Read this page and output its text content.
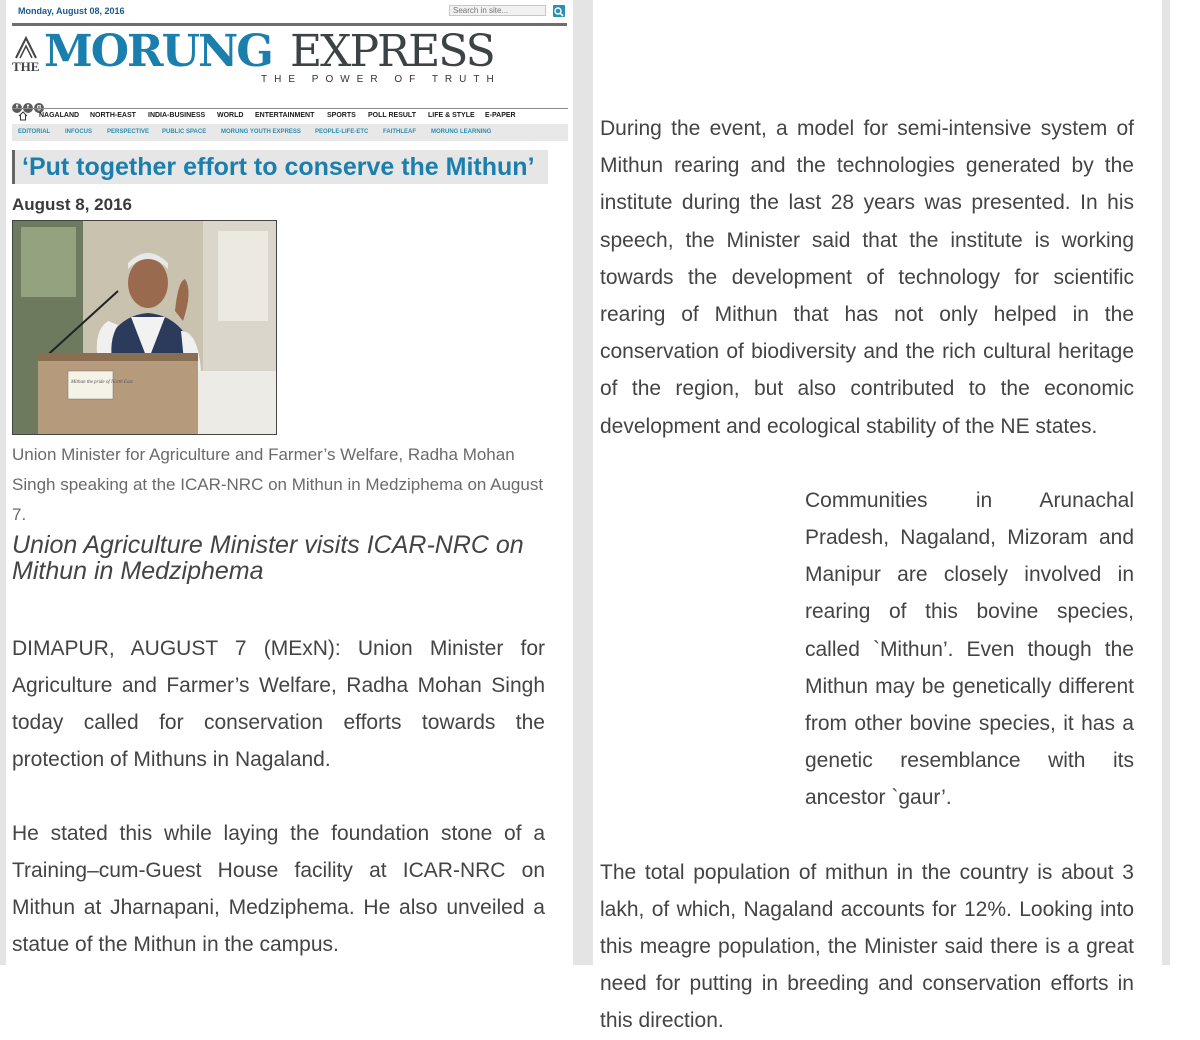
Monday, August 08, 2016
Search in site...
THE MORUNG EXPRESS
THE POWER OF TRUTH
f t g
NAGALAND NORTH-EAST INDIA-BUSINESS WORLD ENTERTAINMENT SPORTS POLL RESULT LIFE & STYLE E-PAPER
EDITORIAL INFOCUS	PERSPECTIVE PUBLIC SPACE MORUNG YOUTH EXPRESS PEOPLE-LIFE-ETC FAITHLEAF	MORUNG LEARNING
‘Put together effort to conserve the Mithun’
August 8, 2016
Mithun the pride of North East
Union Minister for Agriculture and Farmer’s Welfare, Radha Mohan Singh speaking at the ICAR-NRC on Mithun in Medziphema on August 7.
Union Agriculture Minister visits ICAR-NRC on Mithun in Medziphema

DIMAPUR, AUGUST 7 (MExN): Union Minister for Agriculture and Farmer’s Welfare, Radha Mohan Singh today called for conservation efforts towards the protection of Mithuns in Nagaland.

He stated this while laying the foundation stone of a Training–cum-Guest House facility at ICAR-NRC on Mithun at Jharnapani, Medziphema. He also unveiled a statue of the Mithun in the campus.

During the event, a model for semi-intensive system of Mithun rearing and the technologies generated by the institute during the last 28 years was presented. In his speech, the Minister said that the institute is working towards the development of technology for scientific rearing of Mithun that has not only helped in the conservation of biodiversity and the rich cultural heritage of the region, but also contributed to the economic development and ecological stability of the NE states.

Communities in Arunachal Pradesh, Nagaland, Mizoram and Manipur are closely involved in rearing of this bovine species, called `Mithun’. Even though the Mithun may be genetically different from other bovine species, it has a genetic resemblance with its ancestor `gaur’.

The total population of mithun in the country is about 3 lakh, of which, Nagaland accounts for 12%. Looking into this meagre population, the Minister said there is a great need for putting in breeding and conservation efforts in this direction.
